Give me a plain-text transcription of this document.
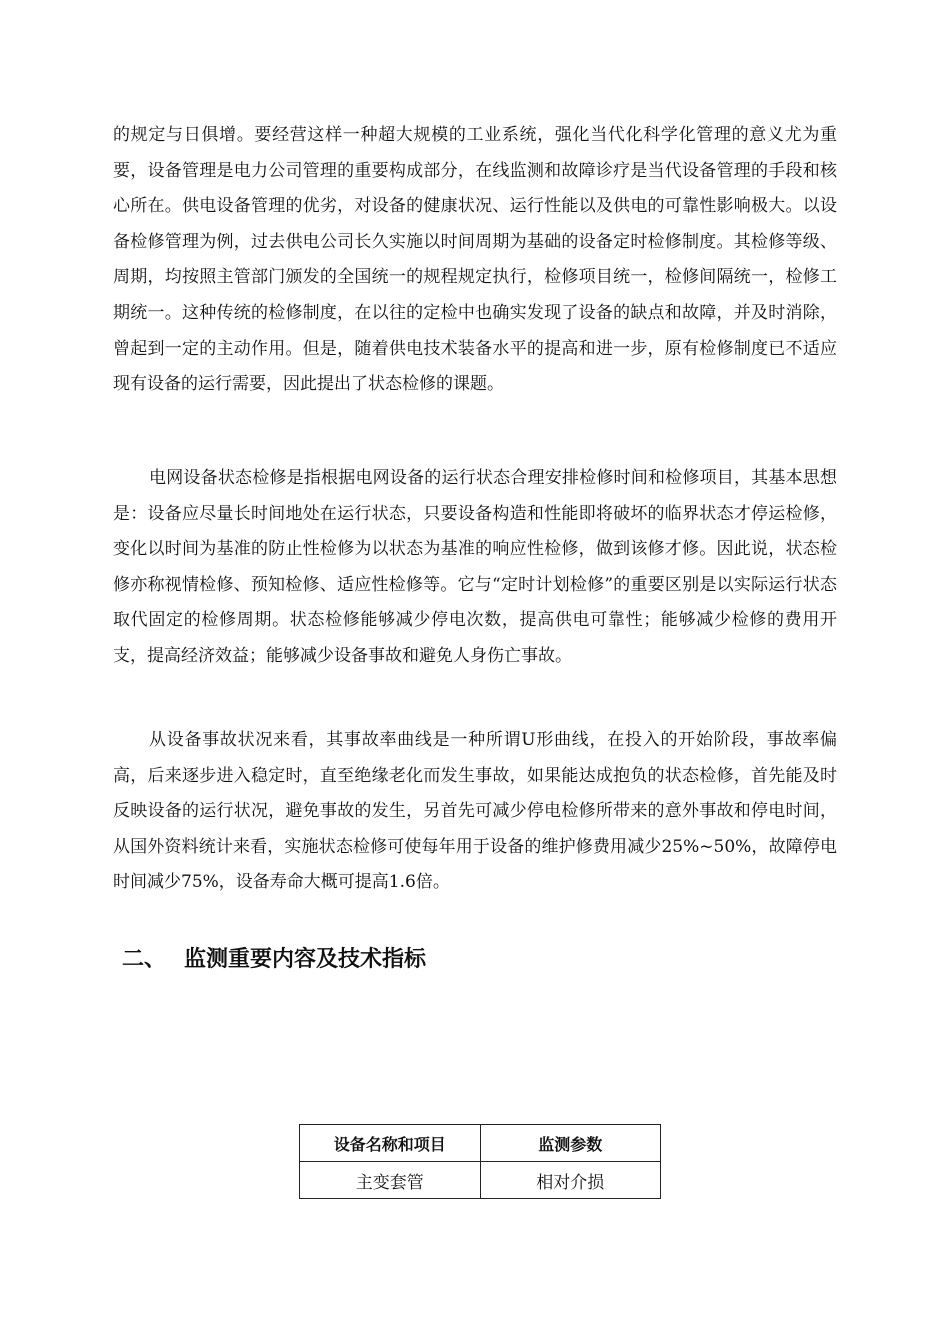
的规定与日俱增。要经营这样一种超大规模的工业系统，强化当代化科学化管理的意义尤为重要，设备管理是电力公司管理的重要构成部分，在线监测和故障诊疗是当代设备管理的手段和核心所在。供电设备管理的优劣，对设备的健康状况、运行性能以及供电的可靠性影响极大。以设备检修管理为例，过去供电公司长久实施以时间周期为基础的设备定时检修制度。其检修等级、周期，均按照主管部门颁发的全国统一的规程规定执行，检修项目统一，检修间隔统一，检修工期统一。这种传统的检修制度，在以往的定检中也确实发现了设备的缺点和故障，并及时消除，曾起到一定的主动作用。但是，随着供电技术装备水平的提高和进一步，原有检修制度已不适应现有设备的运行需要，因此提出了状态检修的课题。

电网设备状态检修是指根据电网设备的运行状态合理安排检修时间和检修项目，其基本思想是：设备应尽量长时间地处在运行状态，只要设备构造和性能即将破坏的临界状态才停运检修，变化以时间为基准的防止性检修为以状态为基准的响应性检修，做到该修才修。因此说，状态检修亦称视情检修、预知检修、适应性检修等。它与“定时计划检修”的重要区别是以实际运行状态取代固定的检修周期。状态检修能够减少停电次数，提高供电可靠性；能够减少检修的费用开支，提高经济效益；能够减少设备事故和避免人身伤亡事故。

从设备事故状况来看，其事故率曲线是一种所谓U形曲线，在投入的开始阶段，事故率偏高，后来逐步进入稳定时，直至绝缘老化而发生事故，如果能达成抱负的状态检修，首先能及时反映设备的运行状况，避免事故的发生，另首先可减少停电检修所带来的意外事故和停电时间，从国外资料统计来看，实施状态检修可使每年用于设备的维护修费用减少25%~50%，故障停电时间减少75%，设备寿命大概可提高1.6倍。

二、 监测重要内容及技术指标
设备名称和项目	监测参数
主变套管	相对介损
